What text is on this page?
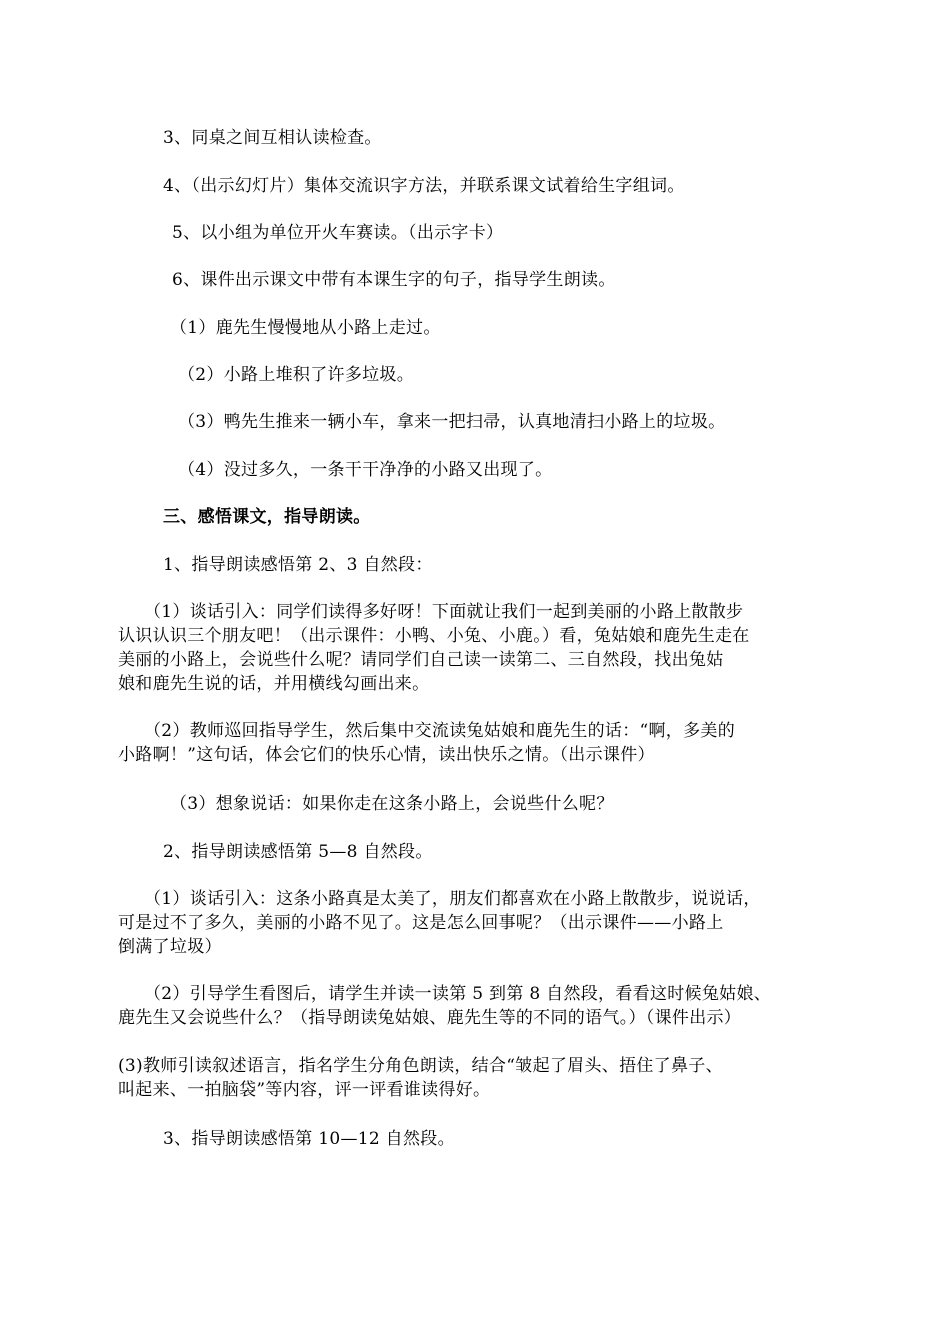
3、同桌之间互相认读检查。
4、（出示幻灯片）集体交流识字方法，并联系课文试着给生字组词。
5、以小组为单位开火车赛读。（出示字卡）
6、课件出示课文中带有本课生字的句子，指导学生朗读。
（1）鹿先生慢慢地从小路上走过。
（2）小路上堆积了许多垃圾。
（3）鸭先生推来一辆小车，拿来一把扫帚，认真地清扫小路上的垃圾。
（4）没过多久，一条干干净净的小路又出现了。
三、感悟课文，指导朗读。
1、指导朗读感悟第 2、3 自然段：
（1）谈话引入：同学们读得多好呀！下面就让我们一起到美丽的小路上散散步
认识认识三个朋友吧！（出示课件：小鸭、小兔、小鹿。）看，兔姑娘和鹿先生走在
美丽的小路上，会说些什么呢？请同学们自己读一读第二、三自然段，找出兔姑
娘和鹿先生说的话，并用横线勾画出来。
（2）教师巡回指导学生，然后集中交流读兔姑娘和鹿先生的话：“啊，多美的
小路啊！”这句话，体会它们的快乐心情，读出快乐之情。（出示课件）
（3）想象说话：如果你走在这条小路上，会说些什么呢？
2、指导朗读感悟第 5—8 自然段。
（1）谈话引入：这条小路真是太美了，朋友们都喜欢在小路上散散步，说说话，
可是过不了多久，美丽的小路不见了。这是怎么回事呢？（出示课件——小路上
倒满了垃圾）
（2）引导学生看图后，请学生并读一读第 5 到第 8 自然段，看看这时候兔姑娘、
鹿先生又会说些什么？（指导朗读兔姑娘、鹿先生等的不同的语气。）（课件出示）
(3)教师引读叙述语言，指名学生分角色朗读，结合“皱起了眉头、捂住了鼻子、
叫起来、一拍脑袋”等内容，评一评看谁读得好。
3、指导朗读感悟第 10—12 自然段。
